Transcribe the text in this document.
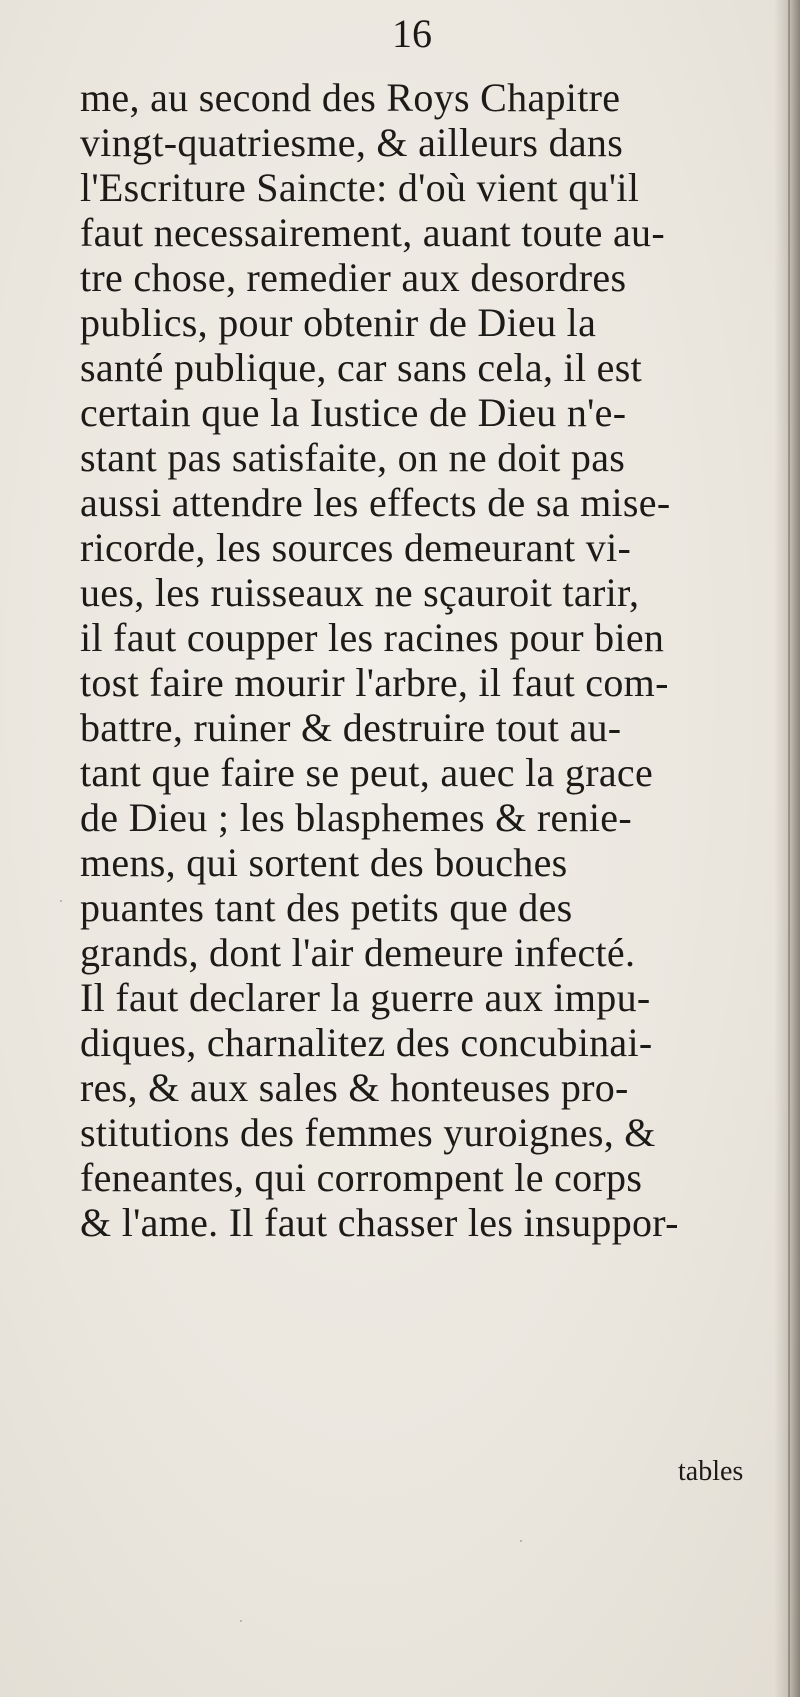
16
me, au second des Roys Chapitre
vingt-quatriesme, & ailleurs dans
l'Escriture Saincte: d'où vient qu'il
faut necessairement, auant toute au-
tre chose, remedier aux desordres
publics, pour obtenir de Dieu la
santé publique, car sans cela, il est
certain que la Iustice de Dieu n'e-
stant pas satisfaite, on ne doit pas
aussi attendre les effects de sa mise-
ricorde, les sources demeurant vi-
ues, les ruisseaux ne sçauroit tarir,
il faut coupper les racines pour bien
tost faire mourir l'arbre, il faut com-
battre, ruiner & destruire tout au-
tant que faire se peut, auec la grace
de Dieu ; les blasphemes & renie-
mens, qui sortent des bouches
puantes tant des petits que des
grands, dont l'air demeure infecté.
Il faut declarer la guerre aux impu-
diques, charnalitez des concubinai-
res, & aux sales & honteuses pro-
stitutions des femmes yuroignes, &
feneantes, qui corrompent le corps
& l'ame. Il faut chasser les insuppor-
tables
